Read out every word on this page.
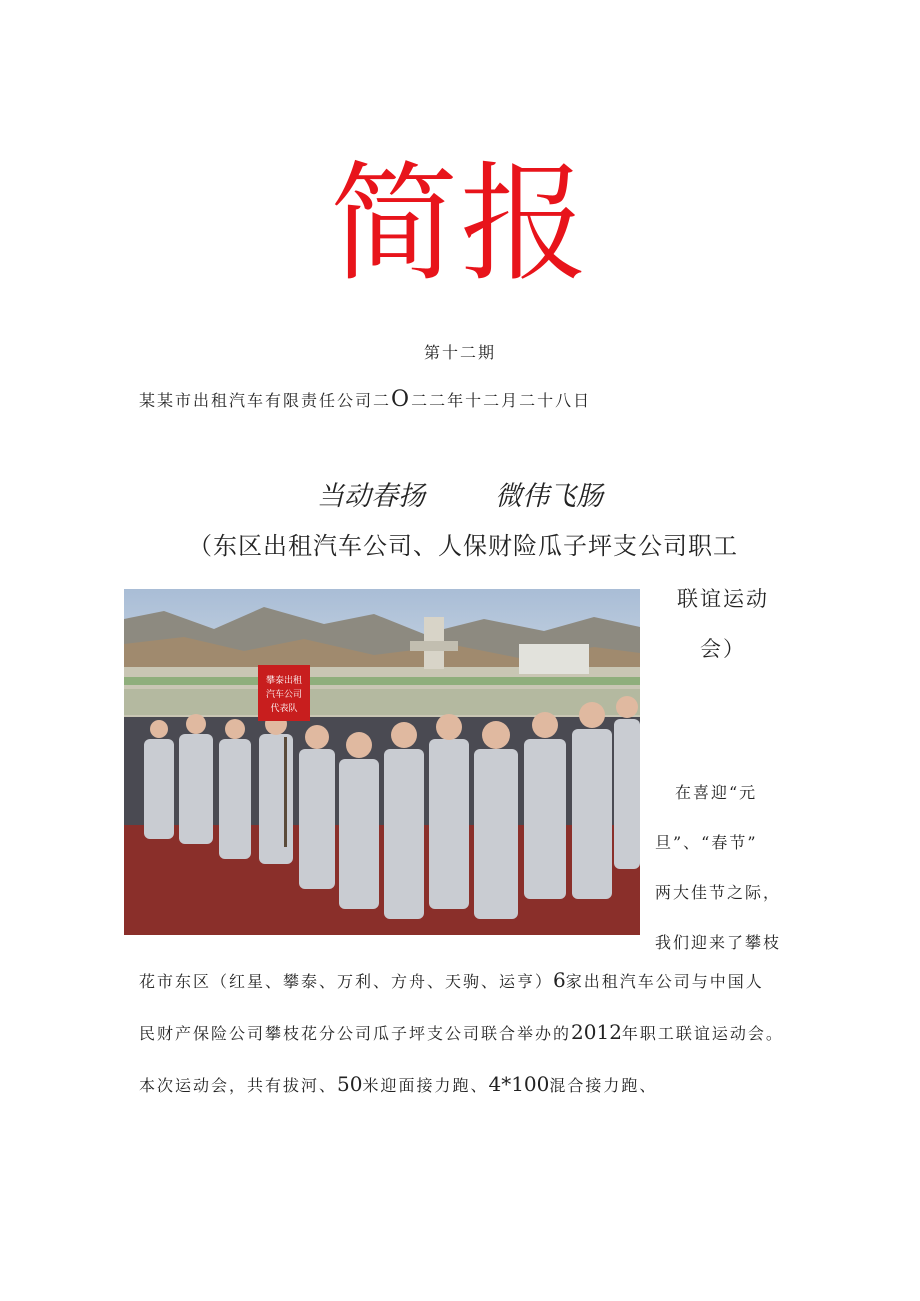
简报
第十二期
某某市出租汽车有限责任公司二O二二年十二月二十八日
当动春扬	微伟飞肠
（东区出租汽车公司、人保财险瓜子坪支公司职工
联谊运动
会）
攀泰出租
汽车公司
代表队
在喜迎“元
旦”、“春节”
两大佳节之际，
我们迎来了攀枝
花市东区（红星、攀泰、万利、方舟、天驹、运亨）6家出租汽车公司与中国人
民财产保险公司攀枝花分公司瓜子坪支公司联合举办的2012年职工联谊运动会。
本次运动会，共有拔河、50米迎面接力跑、4*100混合接力跑、
